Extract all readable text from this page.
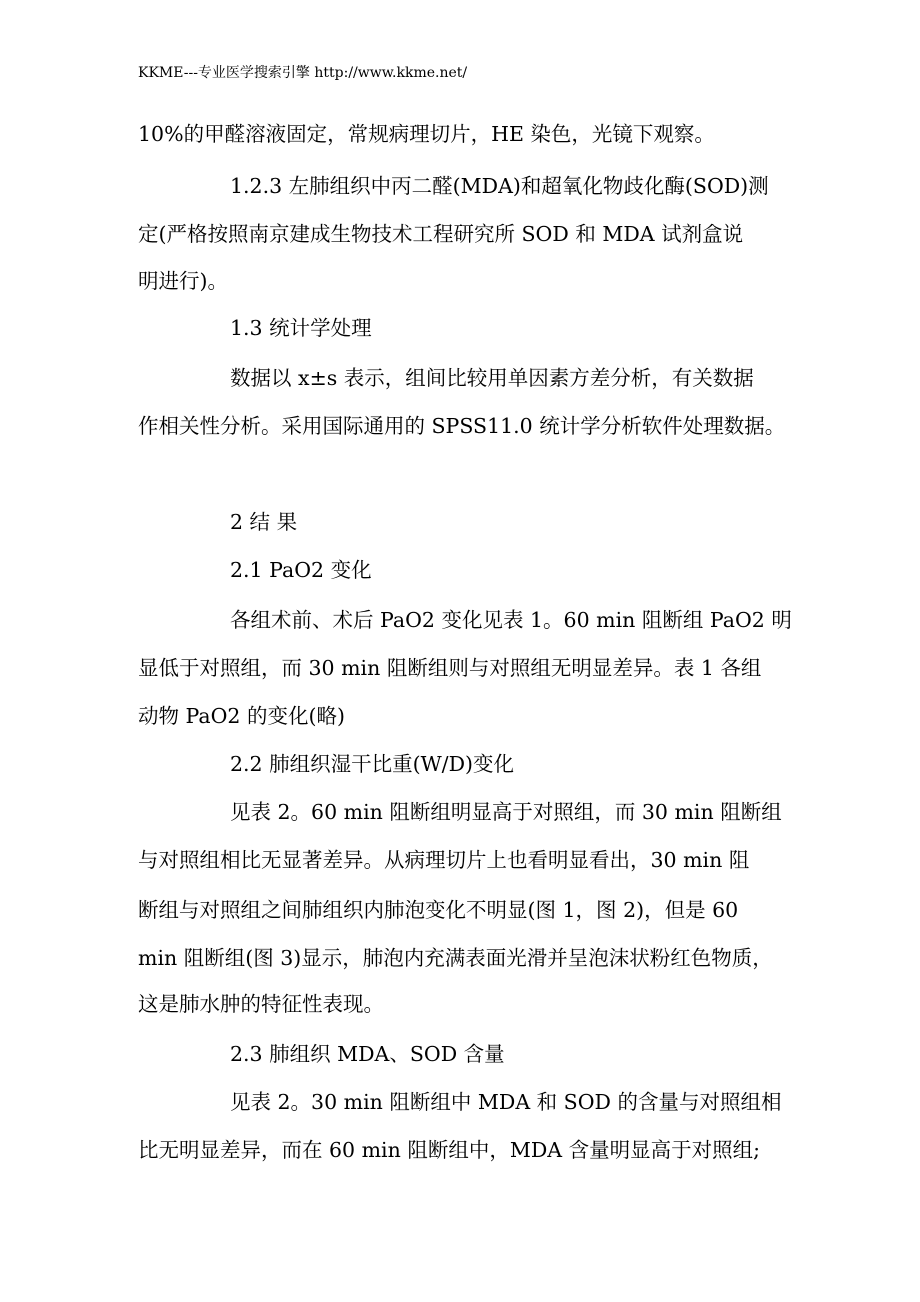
KKME---专业医学搜索引擎 http://www.kkme.net/
10%的甲醛溶液固定，常规病理切片，HE 染色，光镜下观察。
1.2.3 左肺组织中丙二醛(MDA)和超氧化物歧化酶(SOD)测
定(严格按照南京建成生物技术工程研究所 SOD 和 MDA 试剂盒说
明进行)。
1.3 统计学处理
数据以 x±s 表示，组间比较用单因素方差分析，有关数据
作相关性分析。采用国际通用的 SPSS11.0 统计学分析软件处理数据。
2 结 果
2.1 PaO2 变化
各组术前、术后 PaO2 变化见表 1。60 min 阻断组 PaO2 明
显低于对照组，而 30 min 阻断组则与对照组无明显差异。表 1 各组
动物 PaO2 的变化(略)
2.2 肺组织湿干比重(W/D)变化
见表 2。60 min 阻断组明显高于对照组，而 30 min 阻断组
与对照组相比无显著差异。从病理切片上也看明显看出，30 min 阻
断组与对照组之间肺组织内肺泡变化不明显(图 1，图 2)，但是 60
min 阻断组(图 3)显示，肺泡内充满表面光滑并呈泡沫状粉红色物质，
这是肺水肿的特征性表现。
2.3 肺组织 MDA、SOD 含量
见表 2。30 min 阻断组中 MDA 和 SOD 的含量与对照组相
比无明显差异，而在 60 min 阻断组中，MDA 含量明显高于对照组;
